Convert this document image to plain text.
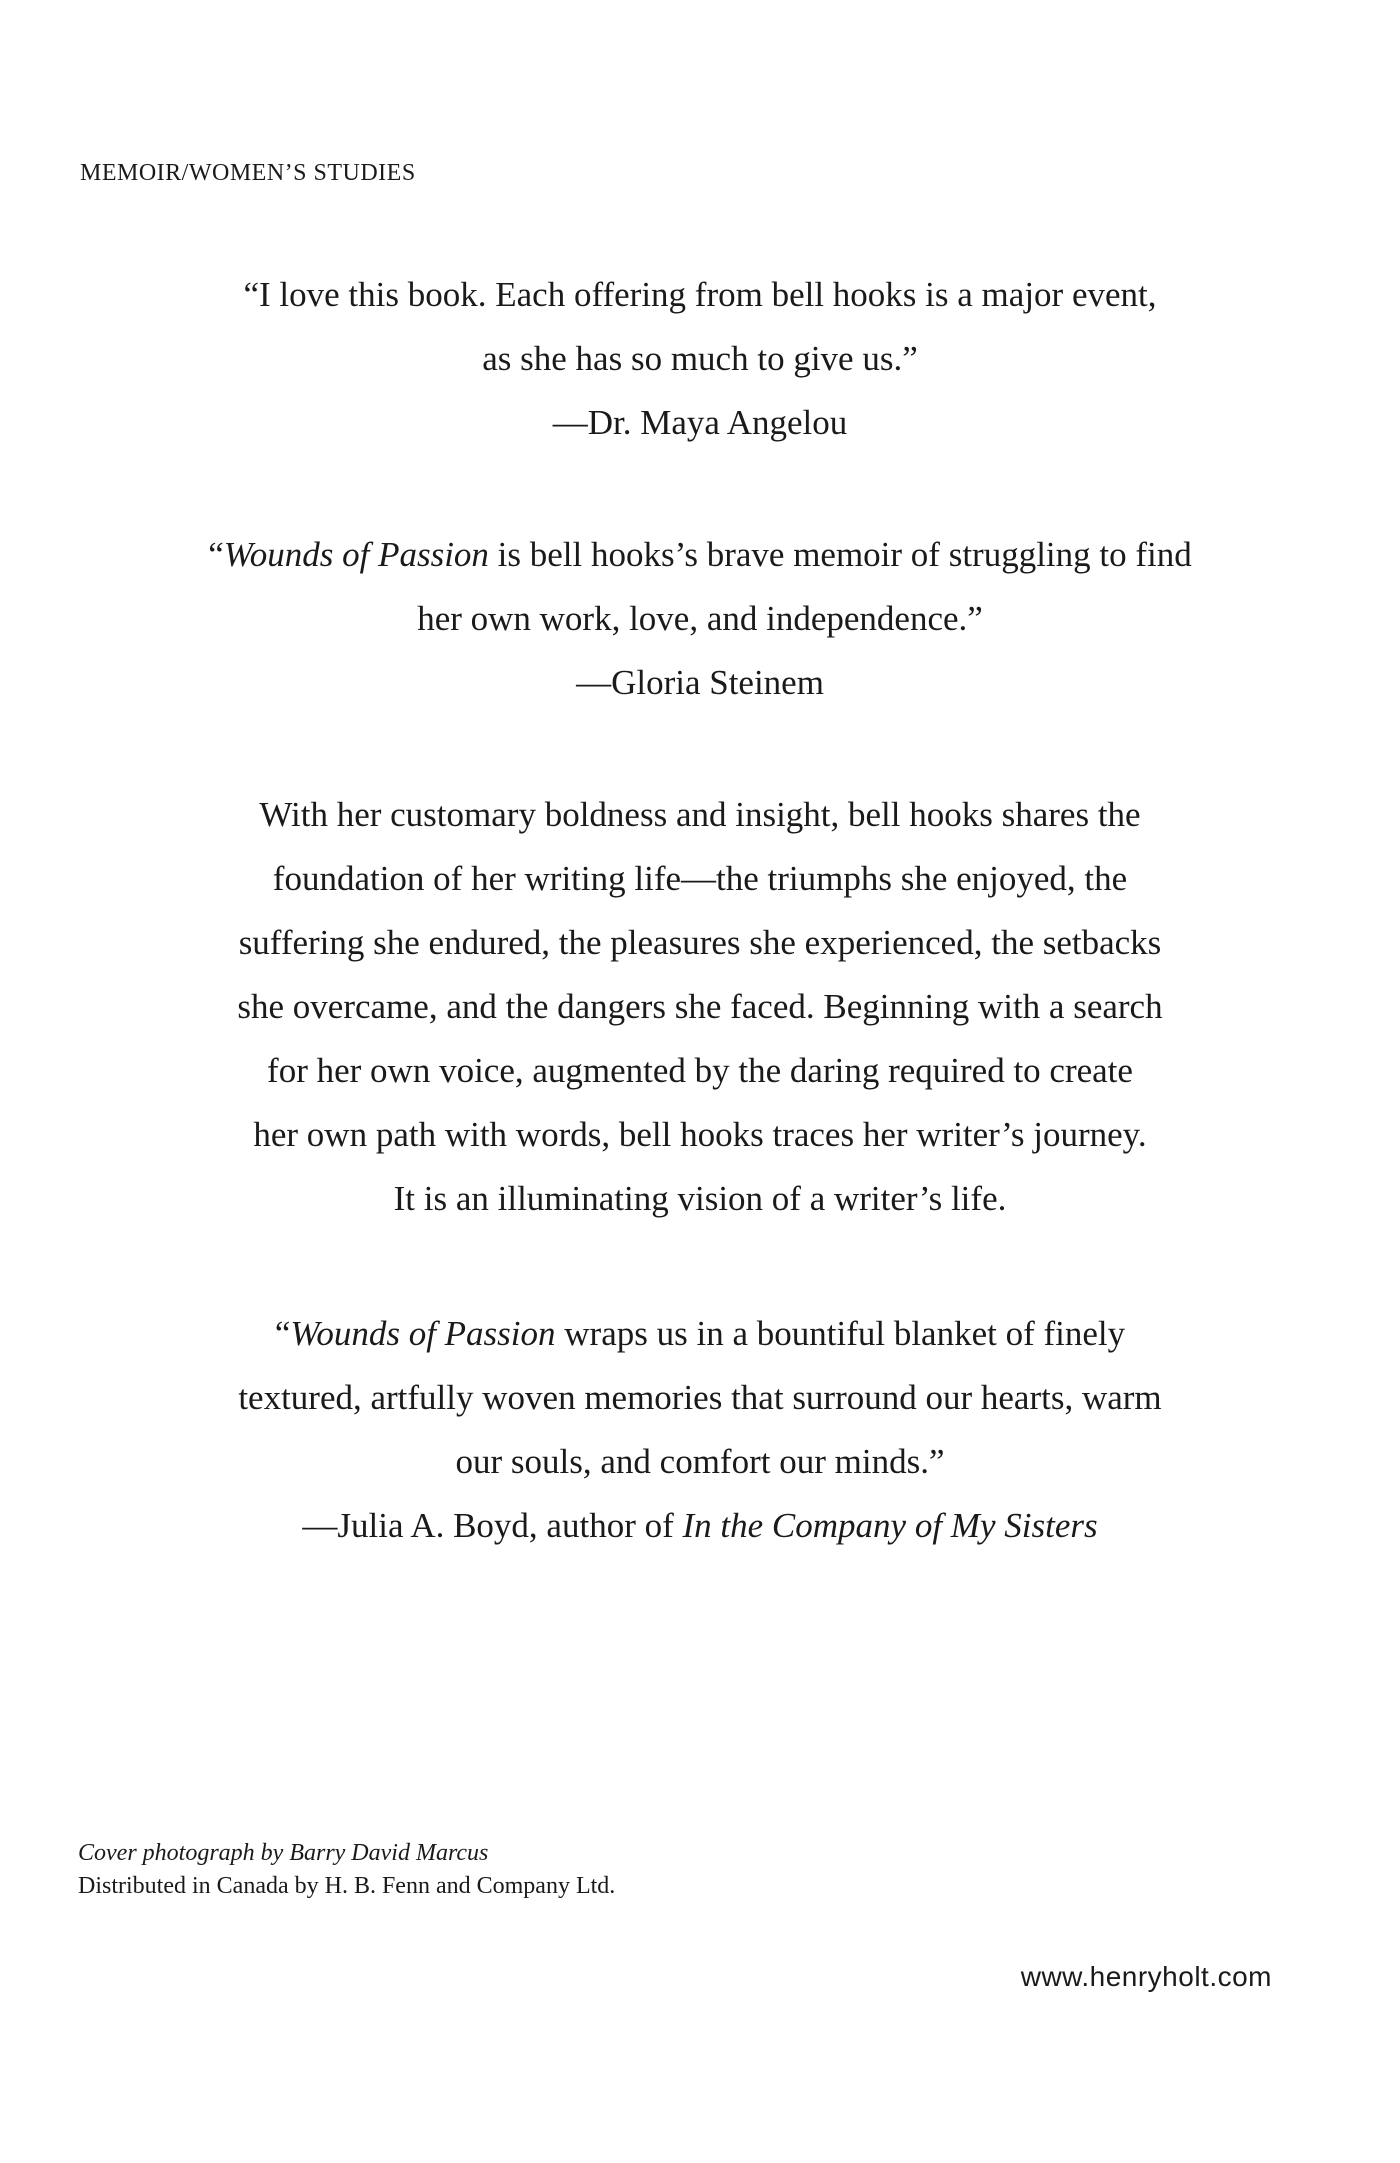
MEMOIR/WOMEN’S STUDIES
“I love this book. Each offering from bell hooks is a major event,
as she has so much to give us.”
—Dr. Maya Angelou
“Wounds of Passion is bell hooks’s brave memoir of struggling to find
her own work, love, and independence.”
—Gloria Steinem
With her customary boldness and insight, bell hooks shares the
foundation of her writing life—the triumphs she enjoyed, the
suffering she endured, the pleasures she experienced, the setbacks
she overcame, and the dangers she faced. Beginning with a search
for her own voice, augmented by the daring required to create
her own path with words, bell hooks traces her writer’s journey.
It is an illuminating vision of a writer’s life.
“Wounds of Passion wraps us in a bountiful blanket of finely
textured, artfully woven memories that surround our hearts, warm
our souls, and comfort our minds.”
—Julia A. Boyd, author of In the Company of My Sisters
Cover photograph by Barry David Marcus
Distributed in Canada by H. B. Fenn and Company Ltd.
www.henryholt.com
